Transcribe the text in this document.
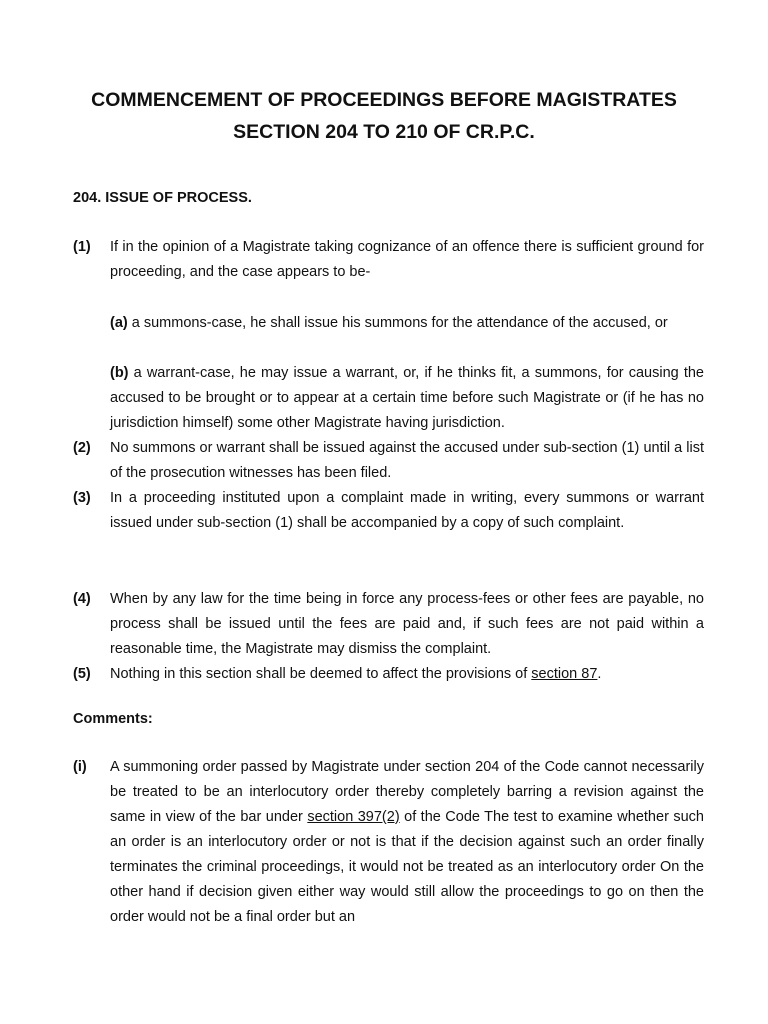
COMMENCEMENT OF PROCEEDINGS BEFORE MAGISTRATES
SECTION 204 TO 210 OF CR.P.C.
204. ISSUE OF PROCESS.
(1) If in the opinion of a Magistrate taking cognizance of an offence there is sufficient ground for proceeding, and the case appears to be-
(a) a summons-case, he shall issue his summons for the attendance of the accused, or
(b) a warrant-case, he may issue a warrant, or, if he thinks fit, a summons, for causing the accused to be brought or to appear at a certain time before such Magistrate or (if he has no jurisdiction himself) some other Magistrate having jurisdiction.
(2) No summons or warrant shall be issued against the accused under sub-section (1) until a list of the prosecution witnesses has been filed.
(3) In a proceeding instituted upon a complaint made in writing, every summons or warrant issued under sub-section (1) shall be accompanied by a copy of such complaint.
(4) When by any law for the time being in force any process-fees or other fees are payable, no process shall be issued until the fees are paid and, if such fees are not paid within a reasonable time, the Magistrate may dismiss the complaint.
(5) Nothing in this section shall be deemed to affect the provisions of section 87.
Comments:
(i) A summoning order passed by Magistrate under section 204 of the Code cannot necessarily be treated to be an interlocutory order thereby completely barring a revision against the same in view of the bar under section 397(2) of the Code The test to examine whether such an order is an interlocutory order or not is that if the decision against such an order finally terminates the criminal proceedings, it would not be treated as an interlocutory order On the other hand if decision given either way would still allow the proceedings to go on then the order would not be a final order but an
